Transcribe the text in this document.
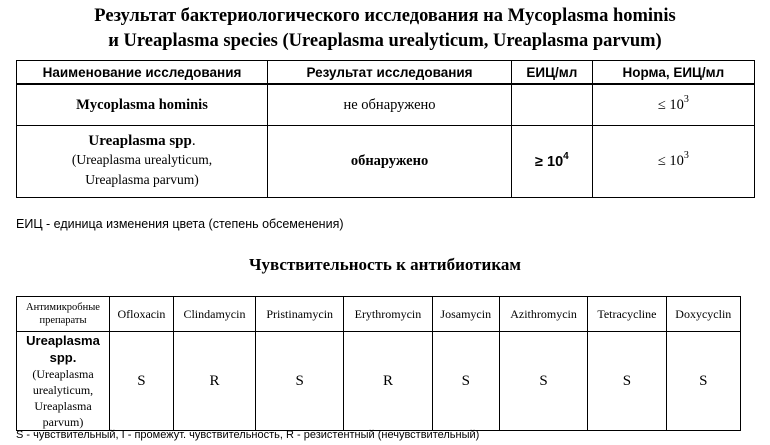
Результат бактериологического исследования на Mycoplasma hominis
и Ureaplasma species (Ureaplasma urealyticum, Ureaplasma parvum)
Наименование исследования	Результат исследования	ЕИЦ/мл	Норма, ЕИЦ/мл
Mycoplasma hominis	не обнаружено		≤ $10^3$

Ureaplasma spp.
(Ureaplasma urealyticum,
Ureaplasma parvum)	обнаружено	≥ $10^4$	≤ $10^3$
ЕИЦ - единица изменения цвета (степень обсеменения)
Чувствительность к антибиотикам
Антимикробные препараты	Ofloxacin	Clindamycin	Pristinamycin	Erythromycin	Josamycin	Azithromycin	Tetracycline	Doxycyclin

Ureaplasma
spp.
(Ureaplasma urealyticum, Ureaplasma parvum)	S	R	S	R	S	S	S	S
S - чувствительный, I - промежут. чувствительность, R - резистентный (нечувствительный)
